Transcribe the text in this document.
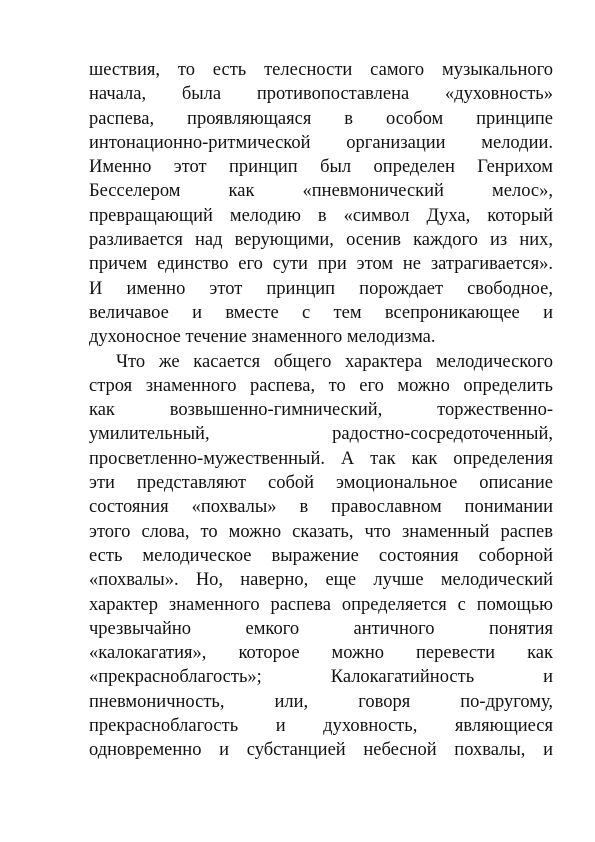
шествия, то есть телесности самого музыкального
начала, была противопоставлена «духовность»
распева, проявляющаяся в особом принципе
интонационно-ритмической организации мелодии.
Именно этот принцип был определен Генрихом
Бесселером как «пневмонический мелос»,
превращающий мелодию в «символ Духа, который
разливается над верующими, осенив каждого из них,
причем единство его сути при этом не затрагивается».
И именно этот принцип порождает свободное,
величавое и вместе с тем всепроникающее и
духоносное течение знаменного мелодизма.
Что же касается общего характера мелодического
строя знаменного распева, то его можно определить
как возвышенно-гимнический, торжественно-
умилительный, радостно-сосредоточенный,
просветленно-мужественный. А так как определения
эти представляют собой эмоциональное описание
состояния «похвалы» в православном понимании
этого слова, то можно сказать, что знаменный распев
есть мелодическое выражение состояния соборной
«похвалы». Но, наверно, еще лучше мелодический
характер знаменного распева определяется с помощью
чрезвычайно емкого античного понятия
«калокагатия», которое можно перевести как
«прекраснoблагость»; Калокагатийность и
пневмоничность, или, говоря по-другому,
прекраснoблагость и духовность, являющиеся
одновременно и субстанцией небесной похвалы, и
